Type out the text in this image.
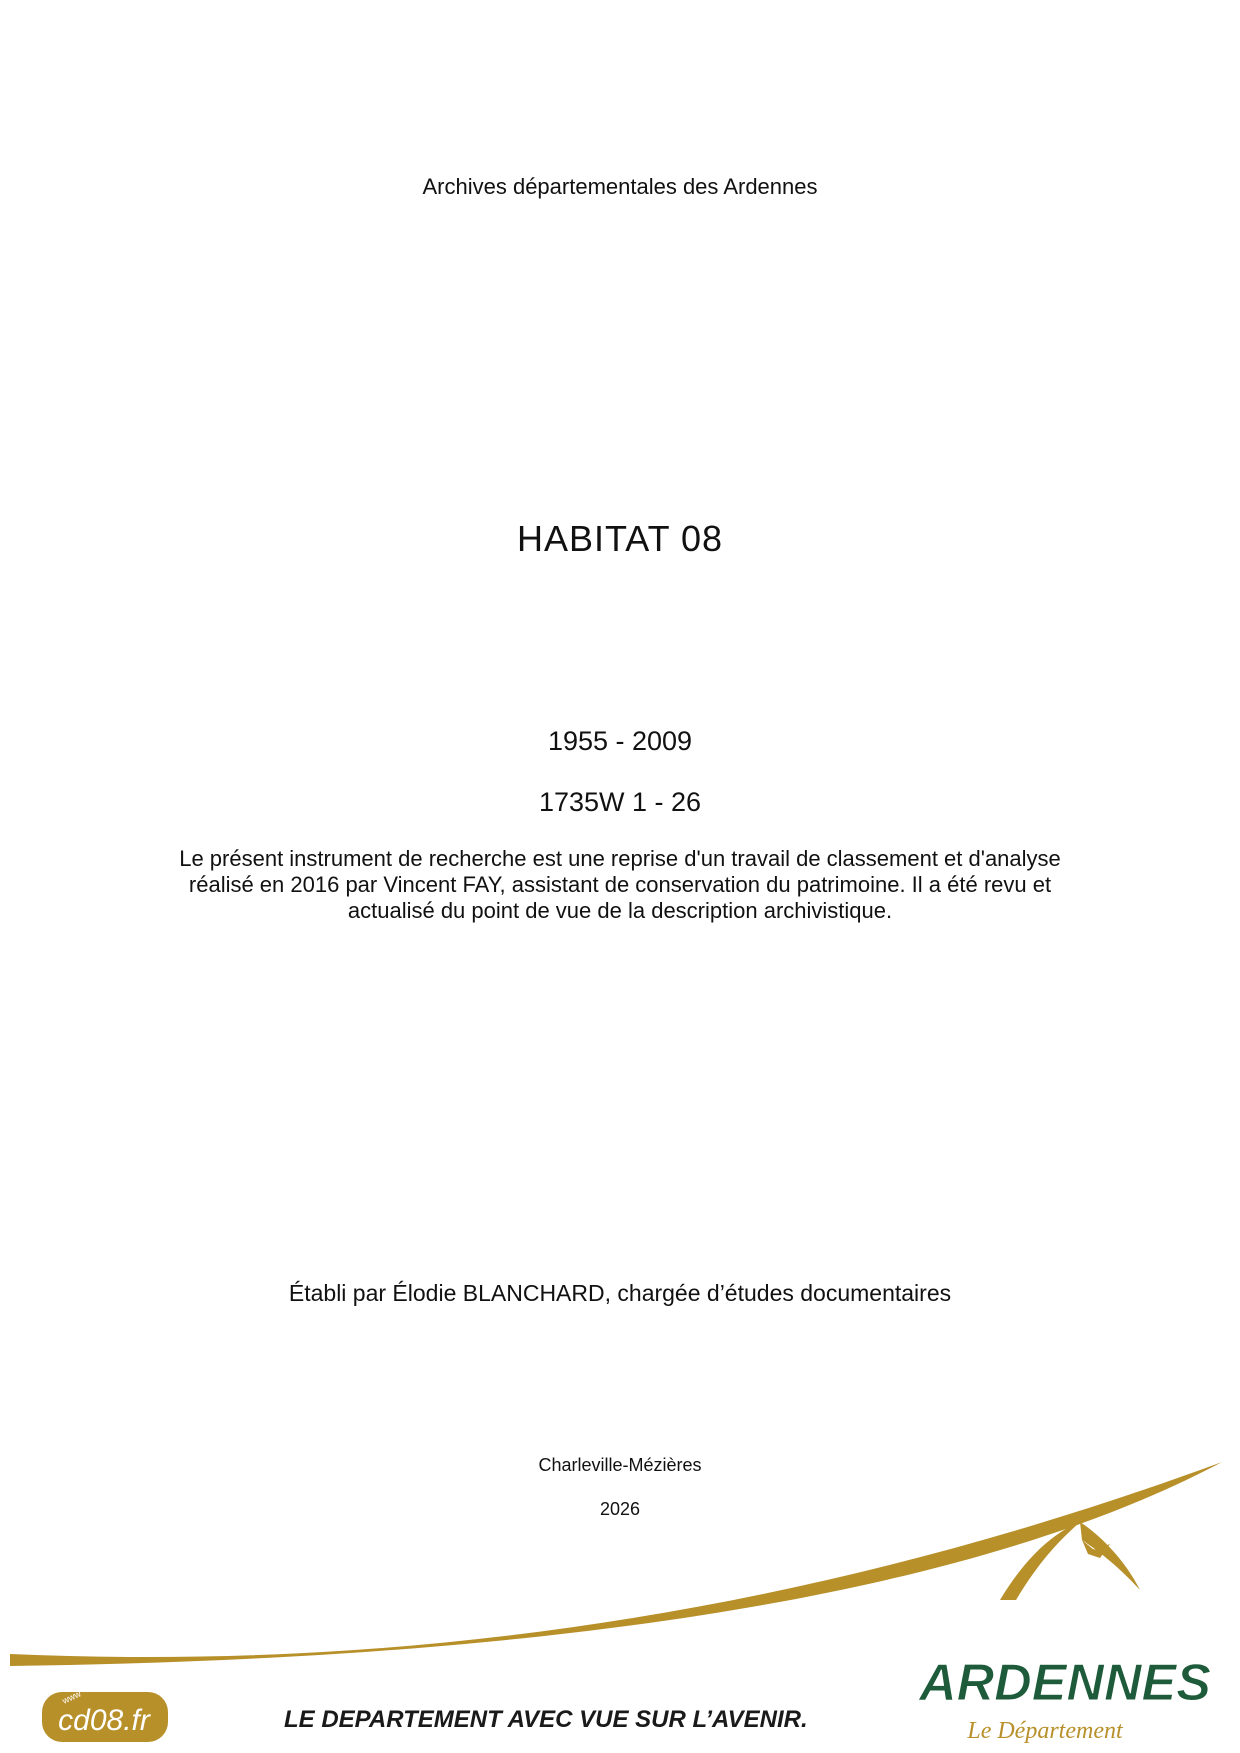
Archives départementales des Ardennes
HABITAT 08
1955 - 2009
1735W 1 - 26
Le présent instrument de recherche est une reprise d'un travail de classement et d'analyse réalisé en 2016 par Vincent FAY, assistant de conservation du patrimoine. Il a été revu et actualisé du point de vue de la description archivistique.
Établi par Élodie BLANCHARD, chargée d’études documentaires
Charleville-Mézières
2026
www
cd08.fr	LE DEPARTEMENT AVEC VUE SUR L’AVENIR.
ARDENNES
Le Département
